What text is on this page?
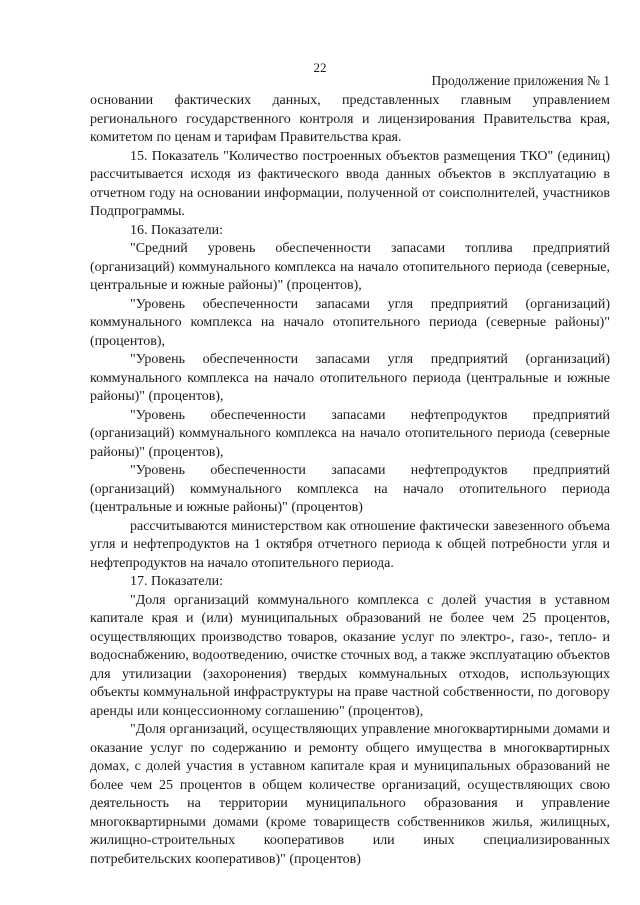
22
Продолжение приложения № 1

основании фактических данных, представленных главным управлением регионального государственного контроля и лицензирования Правительства края, комитетом по ценам и тарифам Правительства края.

15. Показатель "Количество построенных объектов размещения ТКО" (единиц) рассчитывается исходя из фактического ввода данных объектов в эксплуатацию в отчетном году на основании информации, полученной от соисполнителей, участников Подпрограммы.

16. Показатели:

"Средний уровень обеспеченности запасами топлива предприятий (организаций) коммунального комплекса на начало отопительного периода (северные, центральные и южные районы)" (процентов),

"Уровень обеспеченности запасами угля предприятий (организаций) коммунального комплекса на начало отопительного периода (северные районы)" (процентов),

"Уровень обеспеченности запасами угля предприятий (организаций) коммунального комплекса на начало отопительного периода (центральные и южные районы)" (процентов),

"Уровень обеспеченности запасами нефтепродуктов предприятий (организаций) коммунального комплекса на начало отопительного периода (северные районы)" (процентов),

"Уровень обеспеченности запасами нефтепродуктов предприятий (организаций) коммунального комплекса на начало отопительного периода (центральные и южные районы)" (процентов)

рассчитываются министерством как отношение фактически завезенного объема угля и нефтепродуктов на 1 октября отчетного периода к общей потребности угля и нефтепродуктов на начало отопительного периода.

17. Показатели:

"Доля организаций коммунального комплекса с долей участия в уставном капитале края и (или) муниципальных образований не более чем 25 процентов, осуществляющих производство товаров, оказание услуг по электро-, газо-, тепло- и водоснабжению, водоотведению, очистке сточных вод, а также эксплуатацию объектов для утилизации (захоронения) твердых коммунальных отходов, использующих объекты коммунальной инфраструктуры на праве частной собственности, по договору аренды или концессионному соглашению" (процентов),

"Доля организаций, осуществляющих управление многоквартирными домами и оказание услуг по содержанию и ремонту общего имущества в многоквартирных домах, с долей участия в уставном капитале края и муниципальных образований не более чем 25 процентов в общем количестве организаций, осуществляющих свою деятельность на территории муниципального образования и управление многоквартирными домами (кроме товариществ собственников жилья, жилищных, жилищно-строительных кооперативов или иных специализированных потребительских кооперативов)" (процентов)
